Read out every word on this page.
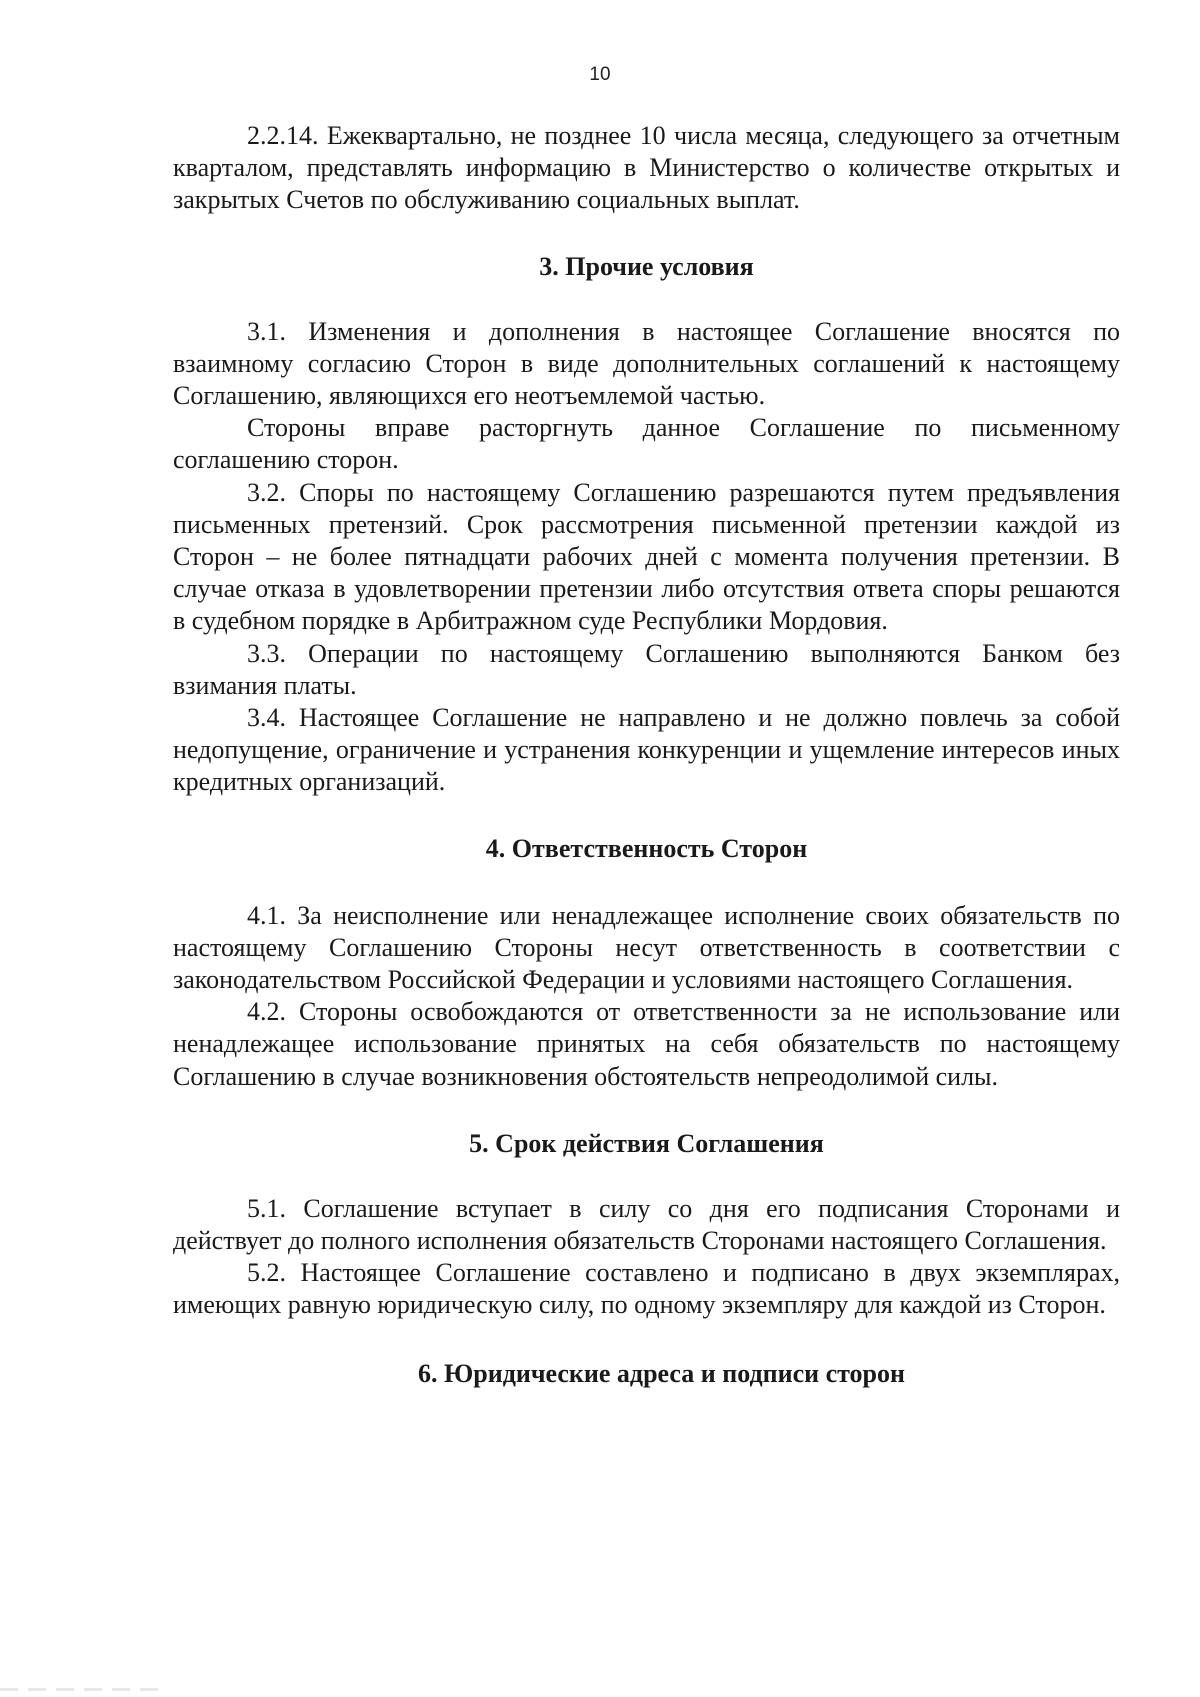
10

2.2.14. Ежеквартально, не позднее 10 числа месяца, следующего за отчетным кварталом, представлять информацию в Министерство о количестве открытых и закрытых Счетов по обслуживанию социальных выплат.

3. Прочие условия

3.1. Изменения и дополнения в настоящее Соглашение вносятся по взаимному согласию Сторон в виде дополнительных соглашений к настоящему Соглашению, являющихся его неотъемлемой частью.

Стороны вправе расторгнуть данное Соглашение по письменному соглашению сторон.

3.2. Споры по настоящему Соглашению разрешаются путем предъявления письменных претензий. Срок рассмотрения письменной претензии каждой из Сторон – не более пятнадцати рабочих дней с момента получения претензии. В случае отказа в удовлетворении претензии либо отсутствия ответа споры решаются в судебном порядке в Арбитражном суде Республики Мордовия.

3.3. Операции по настоящему Соглашению выполняются Банком без взимания платы.

3.4. Настоящее Соглашение не направлено и не должно повлечь за собой недопущение, ограничение и устранения конкуренции и ущемление интересов иных кредитных организаций.

4. Ответственность Сторон

4.1. За неисполнение или ненадлежащее исполнение своих обязательств по настоящему Соглашению Стороны несут ответственность в соответствии с законодательством Российской Федерации и условиями настоящего Соглашения.

4.2. Стороны освобождаются от ответственности за не использование или ненадлежащее использование принятых на себя обязательств по настоящему Соглашению в случае возникновения обстоятельств непреодолимой силы.

5. Срок действия Соглашения

5.1. Соглашение вступает в силу со дня его подписания Сторонами и действует до полного исполнения обязательств Сторонами настоящего Соглашения.

5.2. Настоящее Соглашение составлено и подписано в двух экземплярах, имеющих равную юридическую силу, по одному экземпляру для каждой из Сторон.

6. Юридические адреса и подписи сторон
